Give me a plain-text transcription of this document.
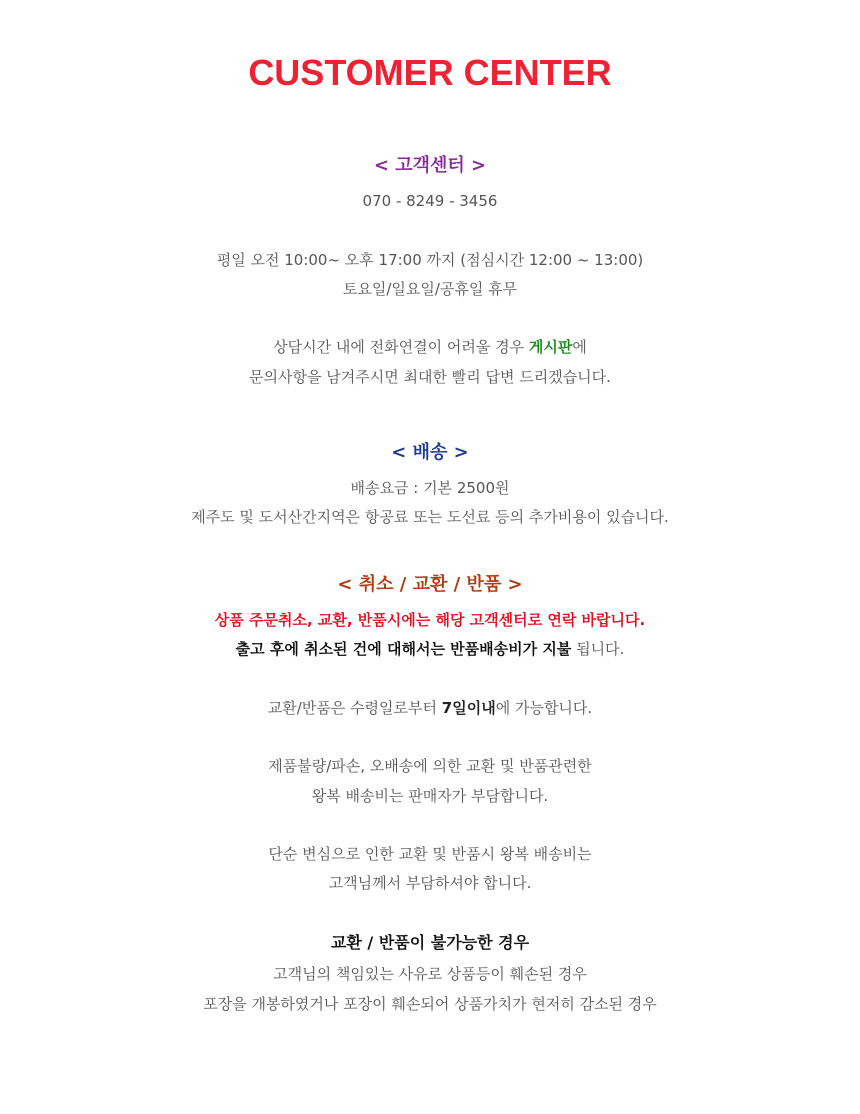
CUSTOMER CENTER
< 고객센터 >
070 - 8249 - 3456
평일 오전 10:00~ 오후 17:00 까지 (점심시간 12:00 ~ 13:00)
토요일/일요일/공휴일 휴무
상담시간 내에 전화연결이 어려울 경우 게시판에
문의사항을 남겨주시면 최대한 빨리 답변 드리겠습니다.
< 배송 >
배송요금 : 기본 2500원
제주도 및 도서산간지역은 항공료 또는 도선료 등의 추가비용이 있습니다.
< 취소 / 교환 / 반품 >
상품 주문취소, 교환, 반품시에는 해당 고객센터로 연락 바랍니다.
출고 후에 취소된 건에 대해서는 반품배송비가 지불 됩니다.
교환/반품은 수령일로부터 7일이내에 가능합니다.
제품불량/파손, 오배송에 의한 교환 및 반품관련한
왕복 배송비는 판매자가 부담합니다.
단순 변심으로 인한 교환 및 반품시 왕복 배송비는
고객님께서 부담하셔야 합니다.
교환 / 반품이 불가능한 경우
고객님의 책임있는 사유로 상품등이 훼손된 경우
포장을 개봉하였거나 포장이 훼손되어 상품가치가 현저히 감소된 경우
